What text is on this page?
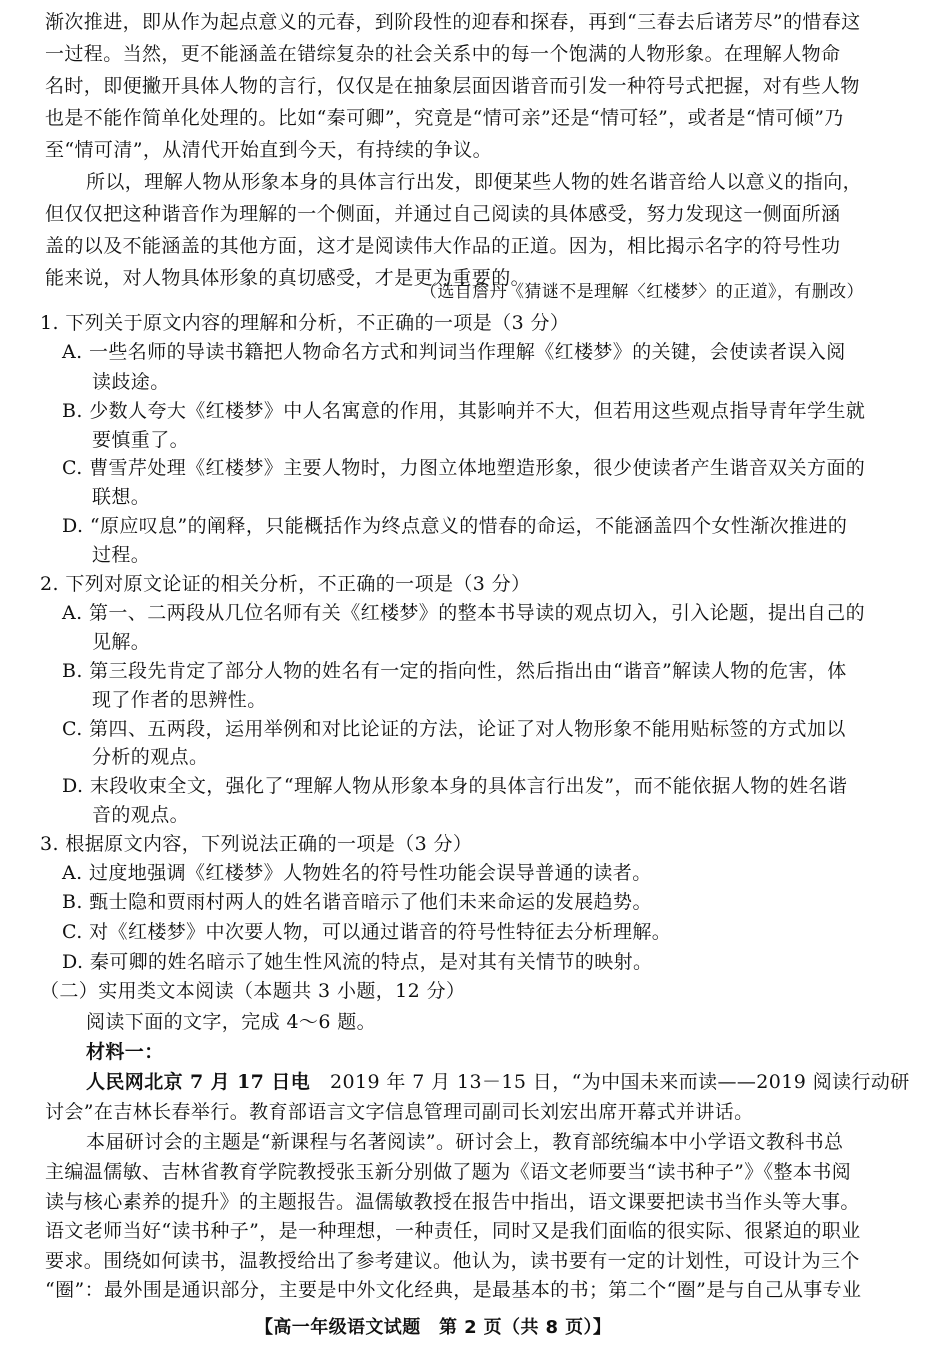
渐次推进，即从作为起点意义的元春，到阶段性的迎春和探春，再到“三春去后诸芳尽”的惜春这
一过程。当然，更不能涵盖在错综复杂的社会关系中的每一个饱满的人物形象。在理解人物命
名时，即便撇开具体人物的言行，仅仅是在抽象层面因谐音而引发一种符号式把握，对有些人物
也是不能作简单化处理的。比如“秦可卿”，究竟是“情可亲”还是“情可轻”，或者是“情可倾”乃
至“情可清”，从清代开始直到今天，有持续的争议。
所以，理解人物从形象本身的具体言行出发，即便某些人物的姓名谐音给人以意义的指向，
但仅仅把这种谐音作为理解的一个侧面，并通过自己阅读的具体感受，努力发现这一侧面所涵
盖的以及不能涵盖的其他方面，这才是阅读伟大作品的正道。因为，相比揭示名字的符号性功
能来说，对人物具体形象的真切感受，才是更为重要的。
（选自詹丹《猜谜不是理解〈红楼梦〉的正道》，有删改）
1. 下列关于原文内容的理解和分析，不正确的一项是（3 分）
A. 一些名师的导读书籍把人物命名方式和判词当作理解《红楼梦》的关键，会使读者误入阅
读歧途。
B. 少数人夸大《红楼梦》中人名寓意的作用，其影响并不大，但若用这些观点指导青年学生就
要慎重了。
C. 曹雪芹处理《红楼梦》主要人物时，力图立体地塑造形象，很少使读者产生谐音双关方面的
联想。
D. “原应叹息”的阐释，只能概括作为终点意义的惜春的命运，不能涵盖四个女性渐次推进的
过程。
2. 下列对原文论证的相关分析，不正确的一项是（3 分）
A. 第一、二两段从几位名师有关《红楼梦》的整本书导读的观点切入，引入论题，提出自己的
见解。
B. 第三段先肯定了部分人物的姓名有一定的指向性，然后指出由“谐音”解读人物的危害，体
现了作者的思辨性。
C. 第四、五两段，运用举例和对比论证的方法，论证了对人物形象不能用贴标签的方式加以
分析的观点。
D. 末段收束全文，强化了“理解人物从形象本身的具体言行出发”，而不能依据人物的姓名谐
音的观点。
3. 根据原文内容，下列说法正确的一项是（3 分）
A. 过度地强调《红楼梦》人物姓名的符号性功能会误导普通的读者。
B. 甄士隐和贾雨村两人的姓名谐音暗示了他们未来命运的发展趋势。
C. 对《红楼梦》中次要人物，可以通过谐音的符号性特征去分析理解。
D. 秦可卿的姓名暗示了她生性风流的特点，是对其有关情节的映射。
（二）实用类文本阅读（本题共 3 小题，12 分）
阅读下面的文字，完成 4～6 题。
材料一：
人民网北京 7 月 17 日电 2019 年 7 月 13－15 日，“为中国未来而读——2019 阅读行动研
讨会”在吉林长春举行。教育部语言文字信息管理司副司长刘宏出席开幕式并讲话。
本届研讨会的主题是“新课程与名著阅读”。研讨会上，教育部统编本中小学语文教科书总
主编温儒敏、吉林省教育学院教授张玉新分别做了题为《语文老师要当“读书种子”》《整本书阅
读与核心素养的提升》的主题报告。温儒敏教授在报告中指出，语文课要把读书当作头等大事。
语文老师当好“读书种子”，是一种理想，一种责任，同时又是我们面临的很实际、很紧迫的职业
要求。围绕如何读书，温教授给出了参考建议。他认为，读书要有一定的计划性，可设计为三个
“圈”：最外围是通识部分，主要是中外文化经典，是最基本的书；第二个“圈”是与自己从事专业
【高一年级语文试题　第 2 页（共 8 页）】
